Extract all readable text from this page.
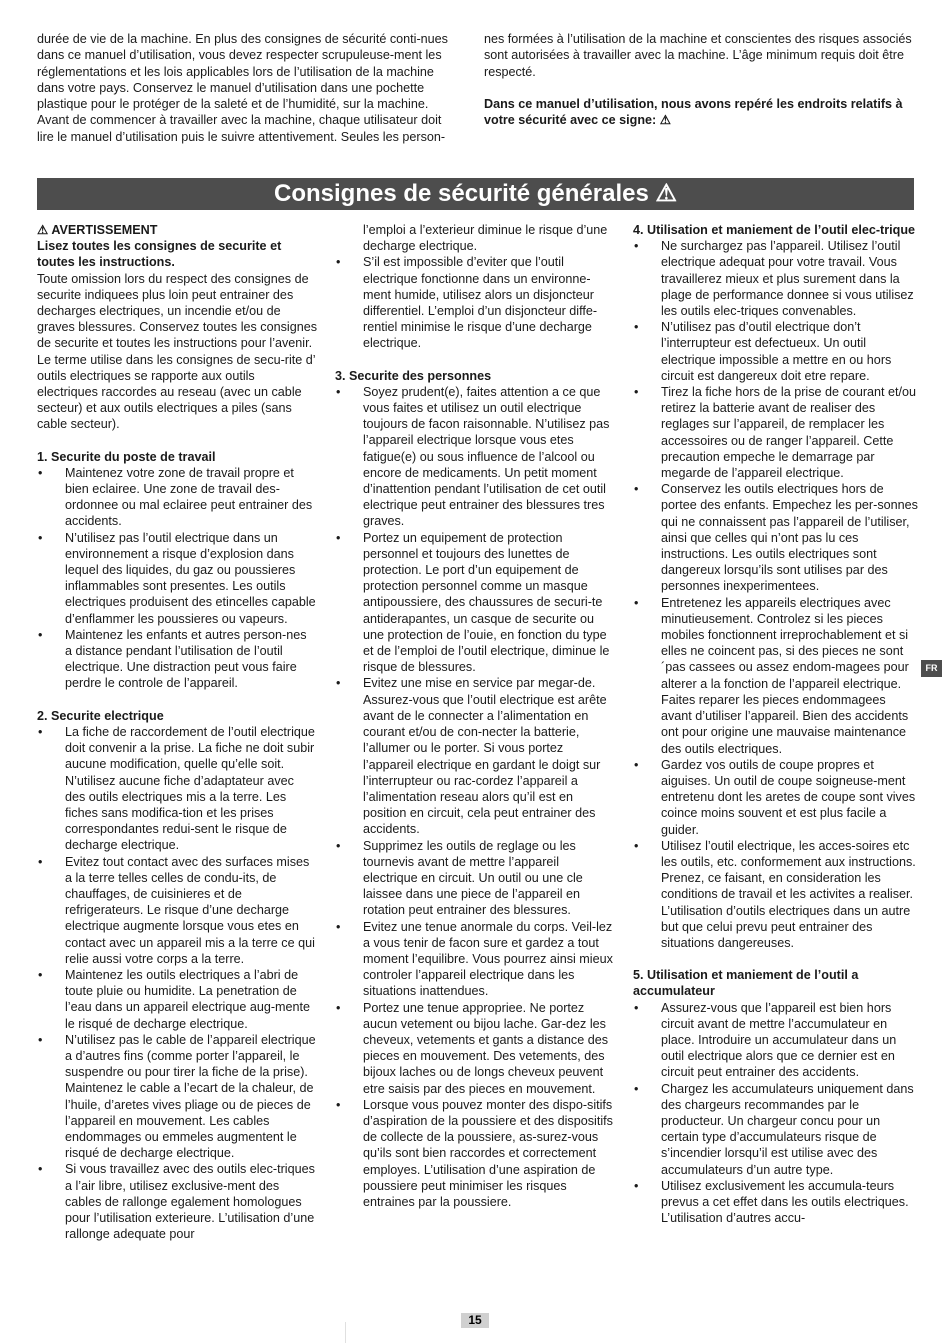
durée de vie de la machine. En plus des consignes de sécurité conti-nues dans ce manuel d’utilisation, vous devez respecter scrupuleuse-ment les réglementations et les lois applicables lors de l’utilisation de la machine dans votre pays. Conservez le manuel d’utilisation dans une pochette plastique pour le protéger de la saleté et de l’humidité, sur la machine. Avant de commencer à travailler avec la machine, chaque utilisateur doit lire le manuel d’utilisation puis le suivre attentivement. Seules les person-

nes formées à l’utilisation de la machine et conscientes des risques associés sont autorisées à travailler avec la machine. L’âge minimum requis doit être respecté.

Dans ce manuel d’utilisation, nous avons repéré les endroits relatifs à votre sécurité avec ce signe: ⚠

Consignes de sécurité générales ⚠
⚠ AVERTISSEMENT

Lisez toutes les consignes de securite et toutes les instructions.

Toute omission lors du respect des consignes de securite indiquees plus loin peut entrainer des decharges electriques, un incendie et/ou de graves blessures. Conservez toutes les consignes de securite et toutes les instructions pour l’avenir. Le terme utilise dans les consignes de secu-rite d’ outils electriques se rapporte aux outils electriques raccordes au reseau (avec un cable secteur) et aux outils electriques a piles (sans cable secteur).

1. Securite du poste de travail
• Maintenez votre zone de travail propre et bien eclairee. Une zone de travail des-ordonnee ou mal eclairee peut entrainer des accidents.
• N’utilisez pas l’outil electrique dans un environnement a risque d’explosion dans lequel des liquides, du gaz ou poussieres inflammables sont presentes. Les outils electriques produisent des etincelles capable d’enflammer les poussieres ou vapeurs.
• Maintenez les enfants et autres person-nes a distance pendant l’utilisation de l’outil electrique. Une distraction peut vous faire perdre le controle de l’appareil.
2. Securite electrique
• La fiche de raccordement de l’outil electrique doit convenir a la prise. La fiche ne doit subir aucune modification, quelle qu’elle soit. N’utilisez aucune fiche d’adaptateur avec des outils electriques mis a la terre. Les fiches sans modifica-tion et les prises correspondantes redui-sent le risque de decharge electrique.
• Evitez tout contact avec des surfaces mises a la terre telles celles de condu-its, de chauffages, de cuisinieres et de refrigerateurs. Le risque d’une decharge electrique augmente lorsque vous etes en contact avec un appareil mis a la terre ce qui relie aussi votre corps a la terre.
• Maintenez les outils electriques a l’abri de toute pluie ou humidite. La penetration de l’eau dans un appareil electrique aug-mente le risqué de decharge electrique.
• N’utilisez pas le cable de l’appareil electrique a d’autres fins (comme porter l’appareil, le suspendre ou pour tirer la fiche de la prise). Maintenez le cable a l’ecart de la chaleur, de l’huile, d’aretes vives pliage ou de pieces de l’appareil en mouvement. Les cables endommages ou emmeles augmentent le risqué de decharge electrique.
• Si vous travaillez avec des outils elec-triques a l’air libre, utilisez exclusive-ment des cables de rallonge egalement homologues pour l’utilisation exterieure. L’utilisation d’une rallonge adequate pour

l’emploi a l’exterieur diminue le risque d’une decharge electrique.

• S’il est impossible d’eviter que l’outil electrique fonctionne dans un environne-ment humide, utilisez alors un disjoncteur differentiel. L’emploi d’un disjoncteur diffe-rentiel minimise le risque d’une decharge electrique.
3. Securite des personnes
• Soyez prudent(e), faites attention a ce que vous faites et utilisez un outil electrique toujours de facon raisonnable. N’utilisez pas l’appareil electrique lorsque vous etes fatigue(e) ou sous influence de l’alcool ou encore de medicaments. Un petit moment d’inattention pendant l’utilisation de cet outil electrique peut entrainer des blessures tres graves.
• Portez un equipement de protection personnel et toujours des lunettes de protection. Le port d’un equipement de protection personnel comme un masque antipoussiere, des chaussures de securi-te antiderapantes, un casque de securite ou une protection de l’ouie, en fonction du type et de l’emploi de l’outil electrique, diminue le risque de blessures.
• Evitez une mise en service par megar-de. Assurez-vous que l’outil electrique est arête avant de le connecter a l’alimentation en courant et/ou de con-necter la batterie, l’allumer ou le porter. Si vous portez l’appareil electrique en gardant le doigt sur l’interrupteur ou rac-cordez l’appareil a l’alimentation reseau alors qu’il est en position en circuit, cela peut entrainer des accidents.
• Supprimez les outils de reglage ou les tournevis avant de mettre l’appareil electrique en circuit. Un outil ou une cle laissee dans une piece de l’appareil en rotation peut entrainer des blessures.
• Evitez une tenue anormale du corps. Veil-lez a vous tenir de facon sure et gardez a tout moment l’equilibre. Vous pourrez ainsi mieux controler l’appareil electrique dans les situations inattendues.
• Portez une tenue appropriee. Ne portez aucun vetement ou bijou lache. Gar-dez les cheveux, vetements et gants a distance des pieces en mouvement. Des vetements, des bijoux laches ou de longs cheveux peuvent etre saisis par des pieces en mouvement.
• Lorsque vous pouvez monter des dispo-sitifs d’aspiration de la poussiere et des dispositifs de collecte de la poussiere, as-surez-vous qu’ils sont bien raccordes et correctement employes. L’utilisation d’une aspiration de poussiere peut minimiser les risques entraines par la poussiere.
4. Utilisation et maniement de l’outil elec-trique
• Ne surchargez pas l’appareil. Utilisez l’outil electrique adequat pour votre travail. Vous travaillerez mieux et plus surement dans la plage de performance donnee si vous utilisez les outils elec-triques convenables.
• N’utilisez pas d’outil electrique don’t l’interrupteur est defectueux. Un outil electrique impossible a mettre en ou hors circuit est dangereux doit etre repare.
• Tirez la fiche hors de la prise de courant et/ou retirez la batterie avant de realiser des reglages sur l’appareil, de remplacer les accessoires ou de ranger l’appareil. Cette precaution empeche le demarrage par megarde de l’appareil electrique.
• Conservez les outils electriques hors de portee des enfants. Empechez les per-sonnes qui ne connaissent pas l’appareil de l’utiliser, ainsi que celles qui n’ont pas lu ces instructions. Les outils electriques sont dangereux lorsqu’ils sont utilises par des personnes inexperimentees.
• Entretenez les appareils electriques avec minutieusement. Controlez si les pieces mobiles fonctionnent irreprochablement et si elles ne coincent pas, si des pieces ne sont´pas cassees ou assez endom-magees pour alterer a la fonction de l’appareil electrique. Faites reparer les pieces endommagees avant d’utiliser l’appareil. Bien des accidents ont pour origine une mauvaise maintenance des outils electriques.
• Gardez vos outils de coupe propres et aiguises. Un outil de coupe soigneuse-ment entretenu dont les aretes de coupe sont vives coince moins souvent et est plus facile a guider.
• Utilisez l’outil electrique, les acces-soires etc les outils, etc. conformement aux instructions. Prenez, ce faisant, en consideration les conditions de travail et les activites a realiser. L’utilisation d’outils electriques dans un autre but que celui prevu peut entrainer des situations dangereuses.
5. Utilisation et maniement de l’outil a accumulateur
• Assurez-vous que l’appareil est bien hors circuit avant de mettre l’accumulateur en place. Introduire un accumulateur dans un outil electrique alors que ce dernier est en circuit peut entrainer des accidents.
• Chargez les accumulateurs uniquement dans des chargeurs recommandes par le producteur. Un chargeur concu pour un certain type d’accumulateurs risque de s’incendier lorsqu’il est utilise avec des accumulateurs d’un autre type.
• Utilisez exclusivement les accumula-teurs prevus a cet effet dans les outils electriques. L’utilisation d’autres accu-
FR
15
